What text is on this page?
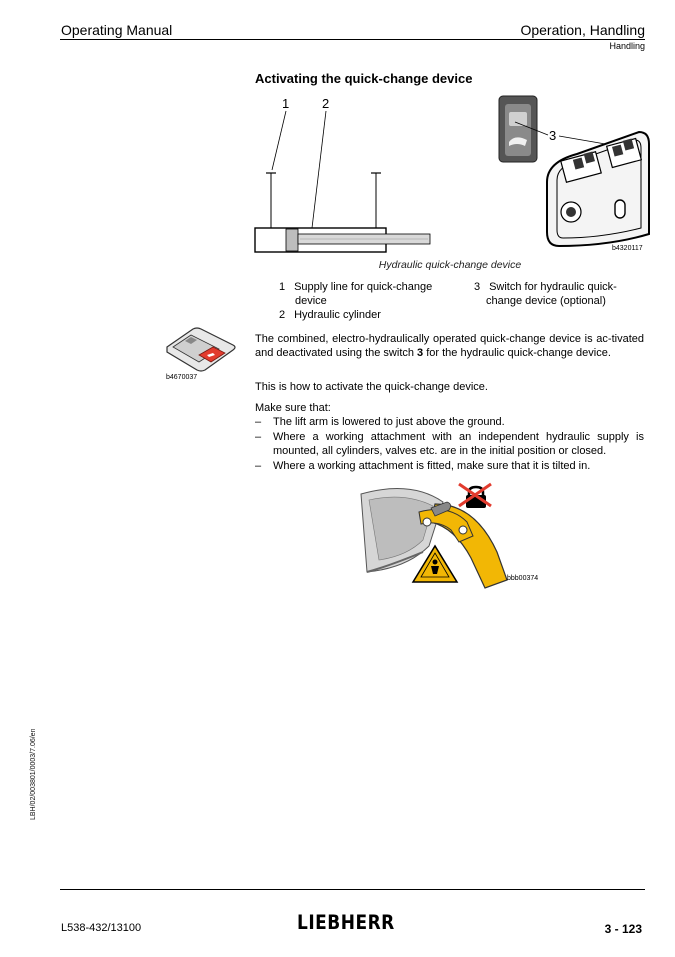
Operating Manual	Operation, Handling
Handling
Activating the quick-change device
1	2
3
b4320117
Hydraulic quick-change device
1 Supply line for quick-change
device
2 Hydraulic cylinder
3 Switch for hydraulic quick-
change device (optional)
b4670037
The combined, electro-hydraulically operated quick-change device is ac-tivated and deactivated using the switch 3 for the hydraulic quick-change device.
This is how to activate the quick-change device.
Make sure that:
– The lift arm is lowered to just above the ground.
– Where a working attachment with an independent hydraulic supply is mounted, all cylinders, valves etc. are in the initial position or closed.
– Where a working attachment is fitted, make sure that it is tilted in.
bbb00374
LBH/02/003801/0003/7.06/en
L538-432/13100	LIEBHERR	3 - 123
